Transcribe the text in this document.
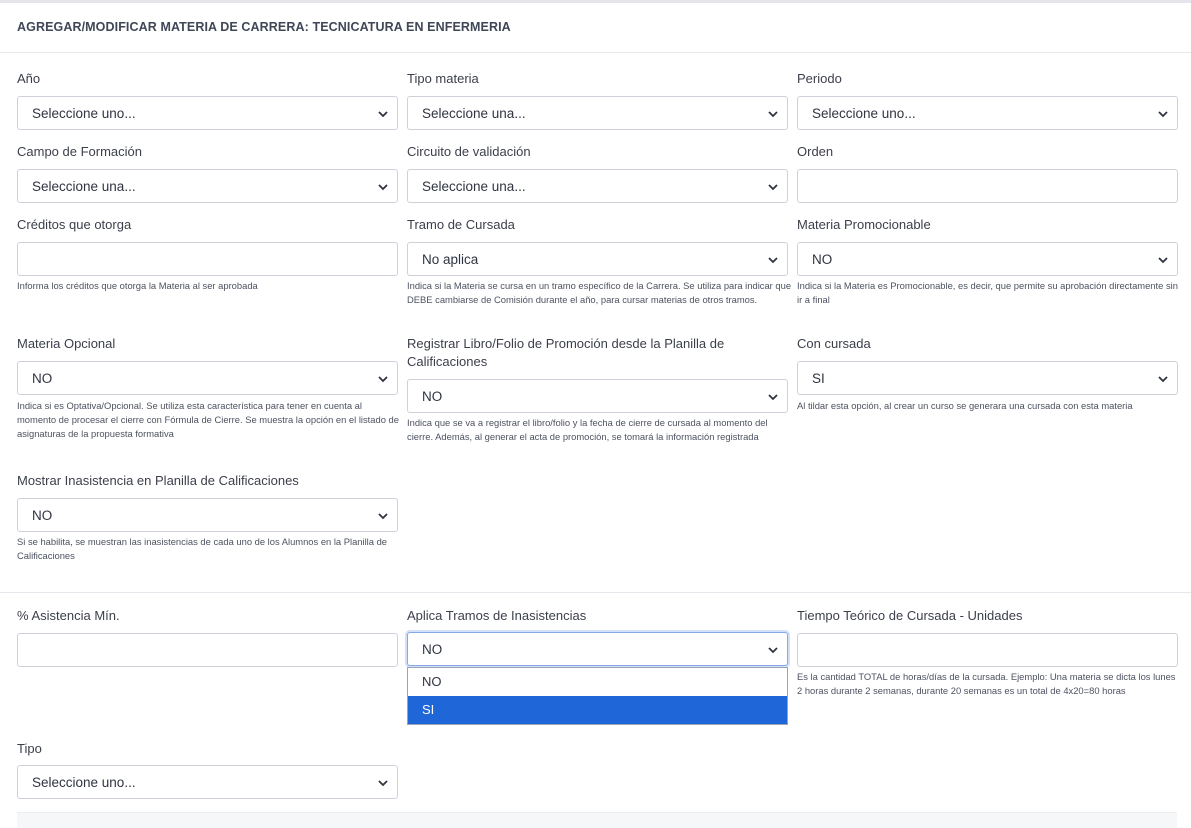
AGREGAR/MODIFICAR MATERIA DE CARRERA: TECNICATURA EN ENFERMERIA
Año
Seleccione uno...
Tipo materia
Seleccione una...
Periodo
Seleccione uno...
Campo de Formación
Seleccione una...
Circuito de validación
Seleccione una...
Orden
Créditos que otorga
Informa los créditos que otorga la Materia al ser aprobada
Tramo de Cursada
No aplica
Indica si la Materia se cursa en un tramo específico de la Carrera. Se utiliza para indicar que DEBE cambiarse de Comisión durante el año, para cursar materias de otros tramos.
Materia Promocionable
NO
Indica si la Materia es Promocionable, es decir, que permite su aprobación directamente sin ir a final
Materia Opcional
NO
Indica si es Optativa/Opcional. Se utiliza esta característica para tener en cuenta al momento de procesar el cierre con Fórmula de Cierre. Se muestra la opción en el listado de asignaturas de la propuesta formativa
Registrar Libro/Folio de Promoción desde la Planilla de Calificaciones
NO
Indica que se va a registrar el libro/folio y la fecha de cierre de cursada al momento del cierre. Además, al generar el acta de promoción, se tomará la información registrada
Con cursada
SI
Al tildar esta opción, al crear un curso se generara una cursada con esta materia
Mostrar Inasistencia en Planilla de Calificaciones
NO
Si se habilita, se muestran las inasistencias de cada uno de los Alumnos en la Planilla de Calificaciones
% Asistencia Mín.	Aplica Tramos de Inasistencias
NO
Tiempo Teórico de Cursada - Unidades
Es la cantidad TOTAL de horas/días de la cursada. Ejemplo: Una materia se dicta los lunes 2 horas durante 2 semanas, durante 20 semanas es un total de 4x20=80 horas
NO
SI
Tipo
Seleccione uno...
